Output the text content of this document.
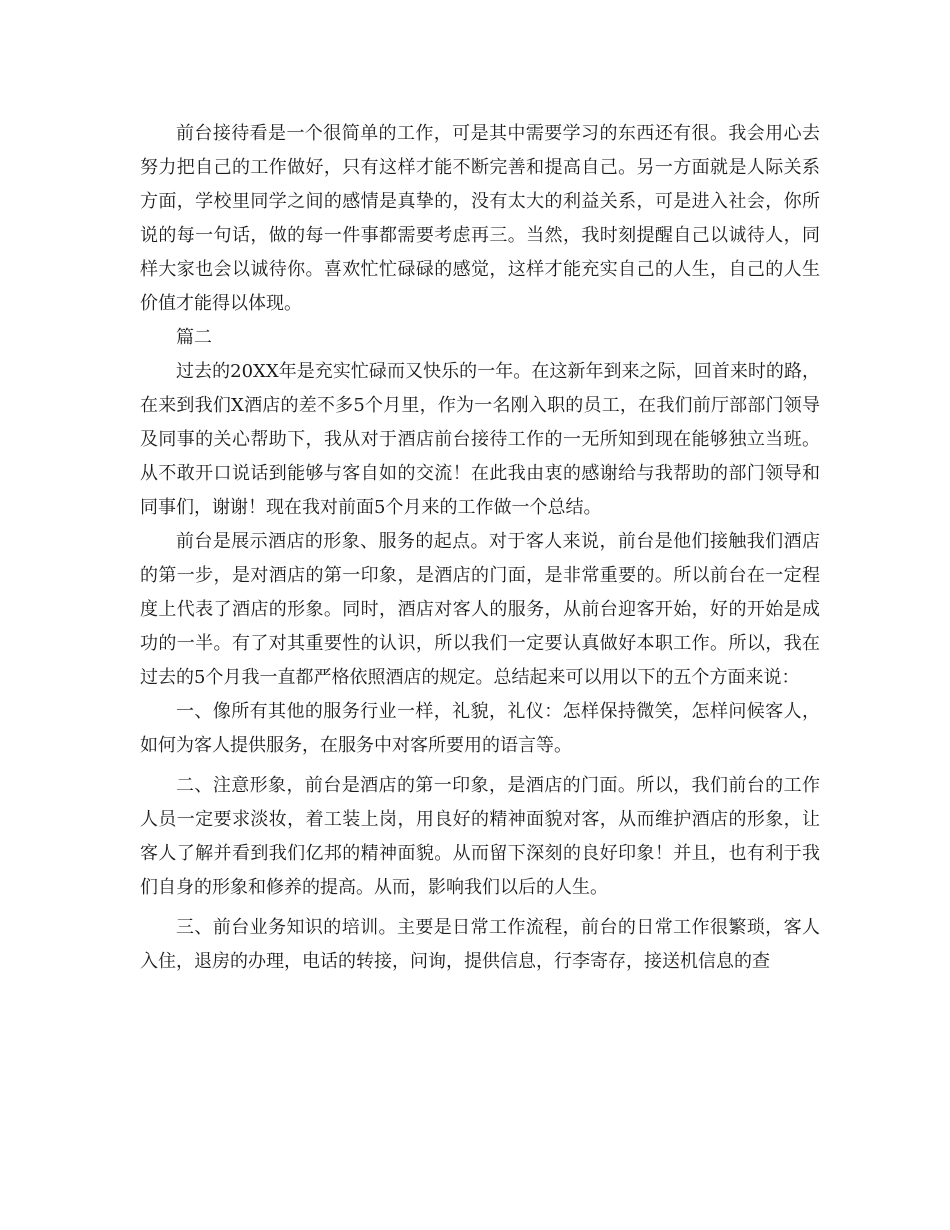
前台接待看是一个很简单的工作，可是其中需要学习的东西还有很。我会用心去努力把自己的工作做好，只有这样才能不断完善和提高自己。另一方面就是人际关系方面，学校里同学之间的感情是真挚的，没有太大的利益关系，可是进入社会，你所说的每一句话，做的每一件事都需要考虑再三。当然，我时刻提醒自己以诚待人，同样大家也会以诚待你。喜欢忙忙碌碌的感觉，这样才能充实自己的人生，自己的人生价值才能得以体现。

篇二

过去的20XX年是充实忙碌而又快乐的一年。在这新年到来之际，回首来时的路，在来到我们X酒店的差不多5个月里，作为一名刚入职的员工，在我们前厅部部门领导及同事的关心帮助下，我从对于酒店前台接待工作的一无所知到现在能够独立当班。从不敢开口说话到能够与客自如的交流！在此我由衷的感谢给与我帮助的部门领导和同事们，谢谢！现在我对前面5个月来的工作做一个总结。

前台是展示酒店的形象、服务的起点。对于客人来说，前台是他们接触我们酒店的第一步，是对酒店的第一印象，是酒店的门面，是非常重要的。所以前台在一定程度上代表了酒店的形象。同时，酒店对客人的服务，从前台迎客开始，好的开始是成功的一半。有了对其重要性的认识，所以我们一定要认真做好本职工作。所以，我在过去的5个月我一直都严格依照酒店的规定。总结起来可以用以下的五个方面来说：

一、像所有其他的服务行业一样，礼貌，礼仪：怎样保持微笑，怎样问候客人，如何为客人提供服务，在服务中对客所要用的语言等。

二、注意形象，前台是酒店的第一印象，是酒店的门面。所以，我们前台的工作人员一定要求淡妆，着工装上岗，用良好的精神面貌对客，从而维护酒店的形象，让客人了解并看到我们亿邦的精神面貌。从而留下深刻的良好印象！并且，也有利于我们自身的形象和修养的提高。从而，影响我们以后的人生。

三、前台业务知识的培训。主要是日常工作流程，前台的日常工作很繁琐，客人入住，退房的办理，电话的转接，问询，提供信息，行李寄存，接送机信息的查
